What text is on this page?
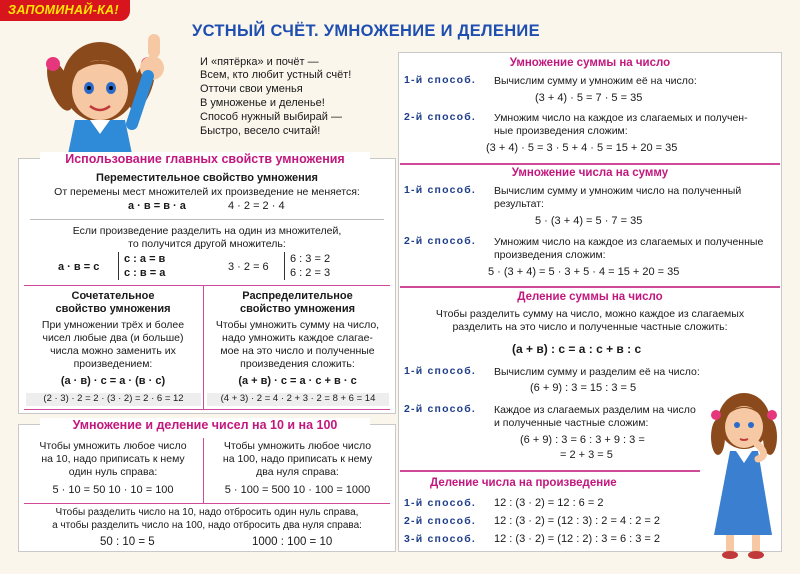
ЗАПОМИНАЙ-КА!
УСТНЫЙ СЧЁТ. УМНОЖЕНИЕ И ДЕЛЕНИЕ
И «пятёрка» и почёт —
Всем, кто любит устный счёт!
Отточи свои уменья
В умноженье и деленье!
Способ нужный выбирай —
Быстро, весело считай!
Использование главных свойств умножения
Переместительное свойство умножения
От перемены мест множителей их произведение не меняется:
a · в = в · a	4 · 2 = 2 · 4
Если произведение разделить на один из множителей,
то получится другой множитель:
a · в = c
c : a = в
c : в = a	3 · 2 = 6
6 : 3 = 2
6 : 2 = 3
Сочетательное
свойство умножения
При умножении трёх и более
чисел любые два (и больше)
числа можно заменить их
произведением:
(a · в) · c = a · (в · c)
(2 · 3) · 2 = 2 · (3 · 2) = 2 · 6 = 12
Распределительное
свойство умножения
Чтобы умножить сумму на число,
надо умножить каждое слагае-
мое на это число и полученные
произведения сложить:
(a + в) · c = a · c + в · c
(4 + 3) · 2 = 4 · 2 + 3 · 2 = 8 + 6 = 14
Умножение и деление чисел на 10 и на 100
Чтобы умножить любое число
на 10, надо приписать к нему
один нуль справа:
5 · 10 = 50 10 · 10 = 100
Чтобы умножить любое число
на 100, надо приписать к нему
два нуля справа:
5 · 100 = 500 10 · 100 = 1000
Чтобы разделить число на 10, надо отбросить один нуль справа,
а чтобы разделить число на 100, надо отбросить два нуля справа:
50 : 10 = 5	1000 : 100 = 10
Умножение суммы на число
1-й способ. Вычислим сумму и умножим её на число:
(3 + 4) · 5 = 7 · 5 = 35
2-й способ. Умножим число на каждое из слагаемых и получен-
ные произведения сложим:
(3 + 4) · 5 = 3 · 5 + 4 · 5 = 15 + 20 = 35
Умножение числа на сумму
1-й способ. Вычислим сумму и умножим число на полученный
результат:
5 · (3 + 4) = 5 · 7 = 35
2-й способ. Умножим число на каждое из слагаемых и полученные
произведения сложим:
5 · (3 + 4) = 5 · 3 + 5 · 4 = 15 + 20 = 35
Деление суммы на число
Чтобы разделить сумму на число, можно каждое из слагаемых
разделить на это число и полученные частные сложить:
(a + в) : c = a : c + в : c
1-й способ. Вычислим сумму и разделим её на число:
(6 + 9) : 3 = 15 : 3 = 5
2-й способ. Каждое из слагаемых разделим на число
и полученные частные сложим:
(6 + 9) : 3 = 6 : 3 + 9 : 3 =
= 2 + 3 = 5
Деление числа на произведение
1-й способ. 12 : (3 · 2) = 12 : 6 = 2
2-й способ. 12 : (3 · 2) = (12 : 3) : 2 = 4 : 2 = 2
3-й способ. 12 : (3 · 2) = (12 : 2) : 3 = 6 : 3 = 2
